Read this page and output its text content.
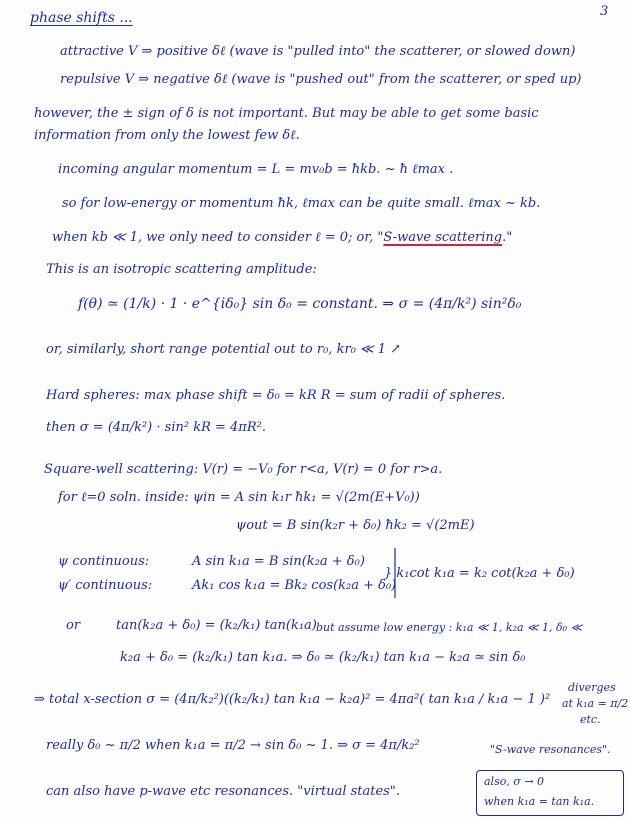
3
phase shifts ...
attractive V ⇒ positive δℓ (wave is "pulled into" the scatterer, or slowed down)
repulsive V ⇒ negative δℓ (wave is "pushed out" from the scatterer, or sped up)
however, the ± sign of δ is not important. But may be able to get some basic
information from only the lowest few δℓ.
incoming angular momentum = L = mv₀b = ħkb. ~ ħ ℓmax .
so for low-energy or momentum ħk, ℓmax can be quite small. ℓmax ~ kb.
when kb ≪ 1, we only need to consider ℓ = 0; or, "S-wave scattering."
This is an isotropic scattering amplitude:
f(θ) ≃ (1/k) · 1 · e^{iδ₀} sin δ₀ = constant. ⇒ σ = (4π/k²) sin²δ₀
or, similarly, short range potential out to r₀, kr₀ ≪ 1 ↗
Hard spheres: max phase shift = δ₀ = kR R = sum of radii of spheres.
then σ = (4π/k²) · sin² kR = 4πR².
Square-well scattering: V(r) = −V₀ for r<a, V(r) = 0 for r>a.
for ℓ=0 soln. inside: ψin = A sin k₁r ħk₁ = √(2m(E+V₀))
ψout = B sin(k₂r + δ₀) ħk₂ = √(2mE)
ψ continuous:
ψ′ continuous:
A sin k₁a = B sin(k₂a + δ₀)
Ak₁ cos k₁a = Bk₂ cos(k₂a + δ₀)
} k₁cot k₁a = k₂ cot(k₂a + δ₀)
or	tan(k₂a + δ₀) = (k₂/k₁) tan(k₁a) but assume low energy : k₁a ≪ 1, k₂a ≪ 1, δ₀ ≪
k₂a + δ₀ = (k₂/k₁) tan k₁a. ⇒ δ₀ ≃ (k₂/k₁) tan k₁a − k₂a ≃ sin δ₀
⇒ total x-section σ = (4π/k₂²)((k₂/k₁) tan k₁a − k₂a)² = 4πa²( tan k₁a / k₁a − 1 )²
diverges
at k₁a = π/2
etc.
really δ₀ ~ π/2 when k₁a = π/2 → sin δ₀ ~ 1. ⇒ σ = 4π/k₂²	"S-wave resonances".
can also have p-wave etc resonances. "virtual states".
also, σ → 0
when k₁a = tan k₁a.
